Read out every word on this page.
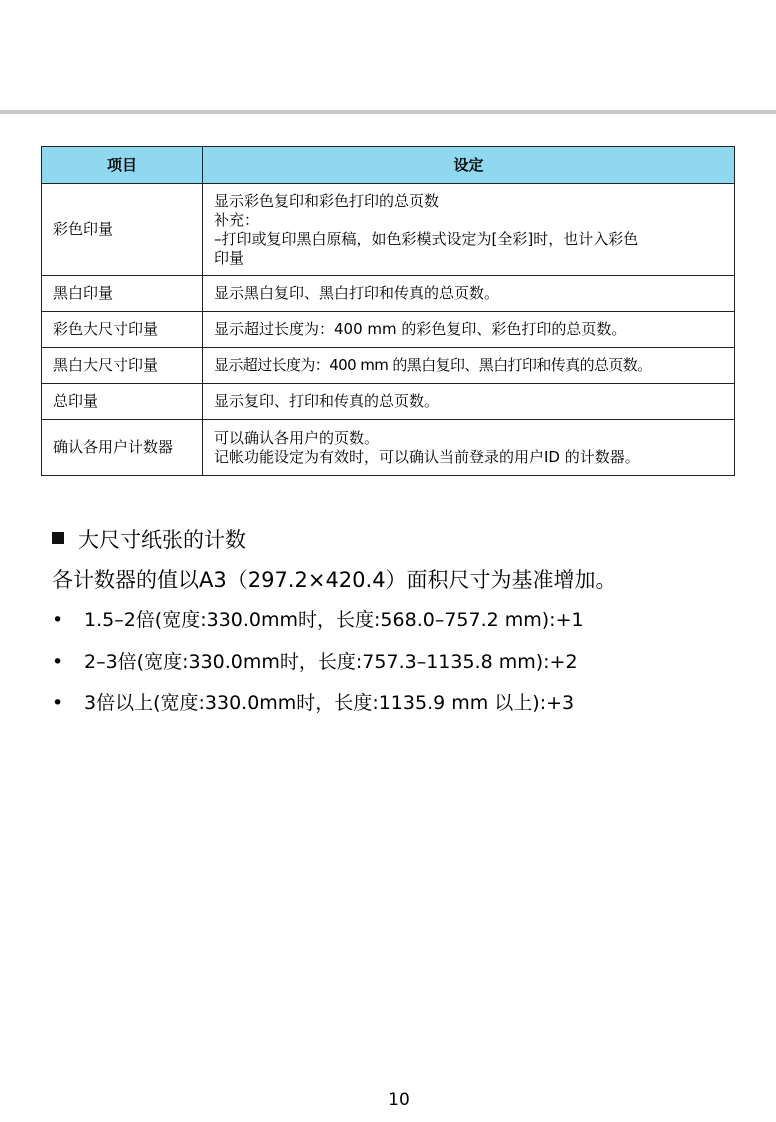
项目	设定
彩色印量	显示彩色复印和彩色打印的总页数
补充：
–打印或复印黑白原稿，如色彩模式设定为[全彩]时，也计入彩色
印量

黑白印量	显示黑白复印、黑白打印和传真的总页数。

彩色大尺寸印量	显示超过长度为：400 mm 的彩色复印、彩色打印的总页数。

黑白大尺寸印量	显示超过长度为：400 mm 的黑白复印、黑白打印和传真的总页数。

总印量	显示复印、打印和传真的总页数。

确认各用户计数器	可以确认各用户的页数。
记帐功能设定为有效时，可以确认当前登录的用户ID 的计数器。
大尺寸纸张的计数
各计数器的值以A3（297.2×420.4）面积尺寸为基准增加。
• 1.5–2倍(宽度:330.0mm时，长度:568.0–757.2 mm):+1
• 2–3倍(宽度:330.0mm时，长度:757.3–1135.8 mm):+2
• 3倍以上(宽度:330.0mm时，长度:1135.9 mm 以上):+3
10
